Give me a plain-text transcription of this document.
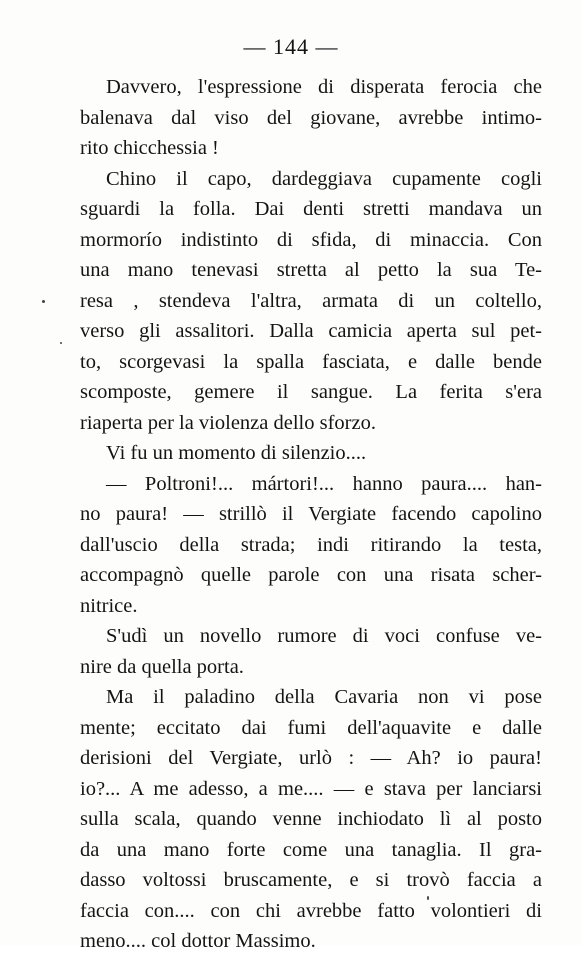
— 144 —
Davvero, l'espressione di disperata ferocia che
balenava dal viso del giovane, avrebbe intimo-
rito chicchessia !
Chino il capo, dardeggiava cupamente cogli
sguardi la folla. Dai denti stretti mandava un
mormorío indistinto di sfida, di minaccia. Con
una mano tenevasi stretta al petto la sua Te-
resa , stendeva l'altra, armata di un coltello,
verso gli assalitori. Dalla camicia aperta sul pet-
to, scorgevasi la spalla fasciata, e dalle bende
scomposte, gemere il sangue. La ferita s'era
riaperta per la violenza dello sforzo.
Vi fu un momento di silenzio....
— Poltroni!... mártori!... hanno paura.... han-
no paura! — strillò il Vergiate facendo capolino
dall'uscio della strada; indi ritirando la testa,
accompagnò quelle parole con una risata scher-
nitrice.
S'udì un novello rumore di voci confuse ve-
nire da quella porta.
Ma il paladino della Cavaria non vi pose
mente; eccitato dai fumi dell'aquavite e dalle
derisioni del Vergiate, urlò : — Ah? io paura!
io?... A me adesso, a me.... — e stava per lanciarsi
sulla scala, quando venne inchiodato lì al posto
da una mano forte come una tanaglia. Il gra-
dasso voltossi bruscamente, e si trovò faccia a
faccia con.... con chi avrebbe fatto volontieri di
meno.... col dottor Massimo.
